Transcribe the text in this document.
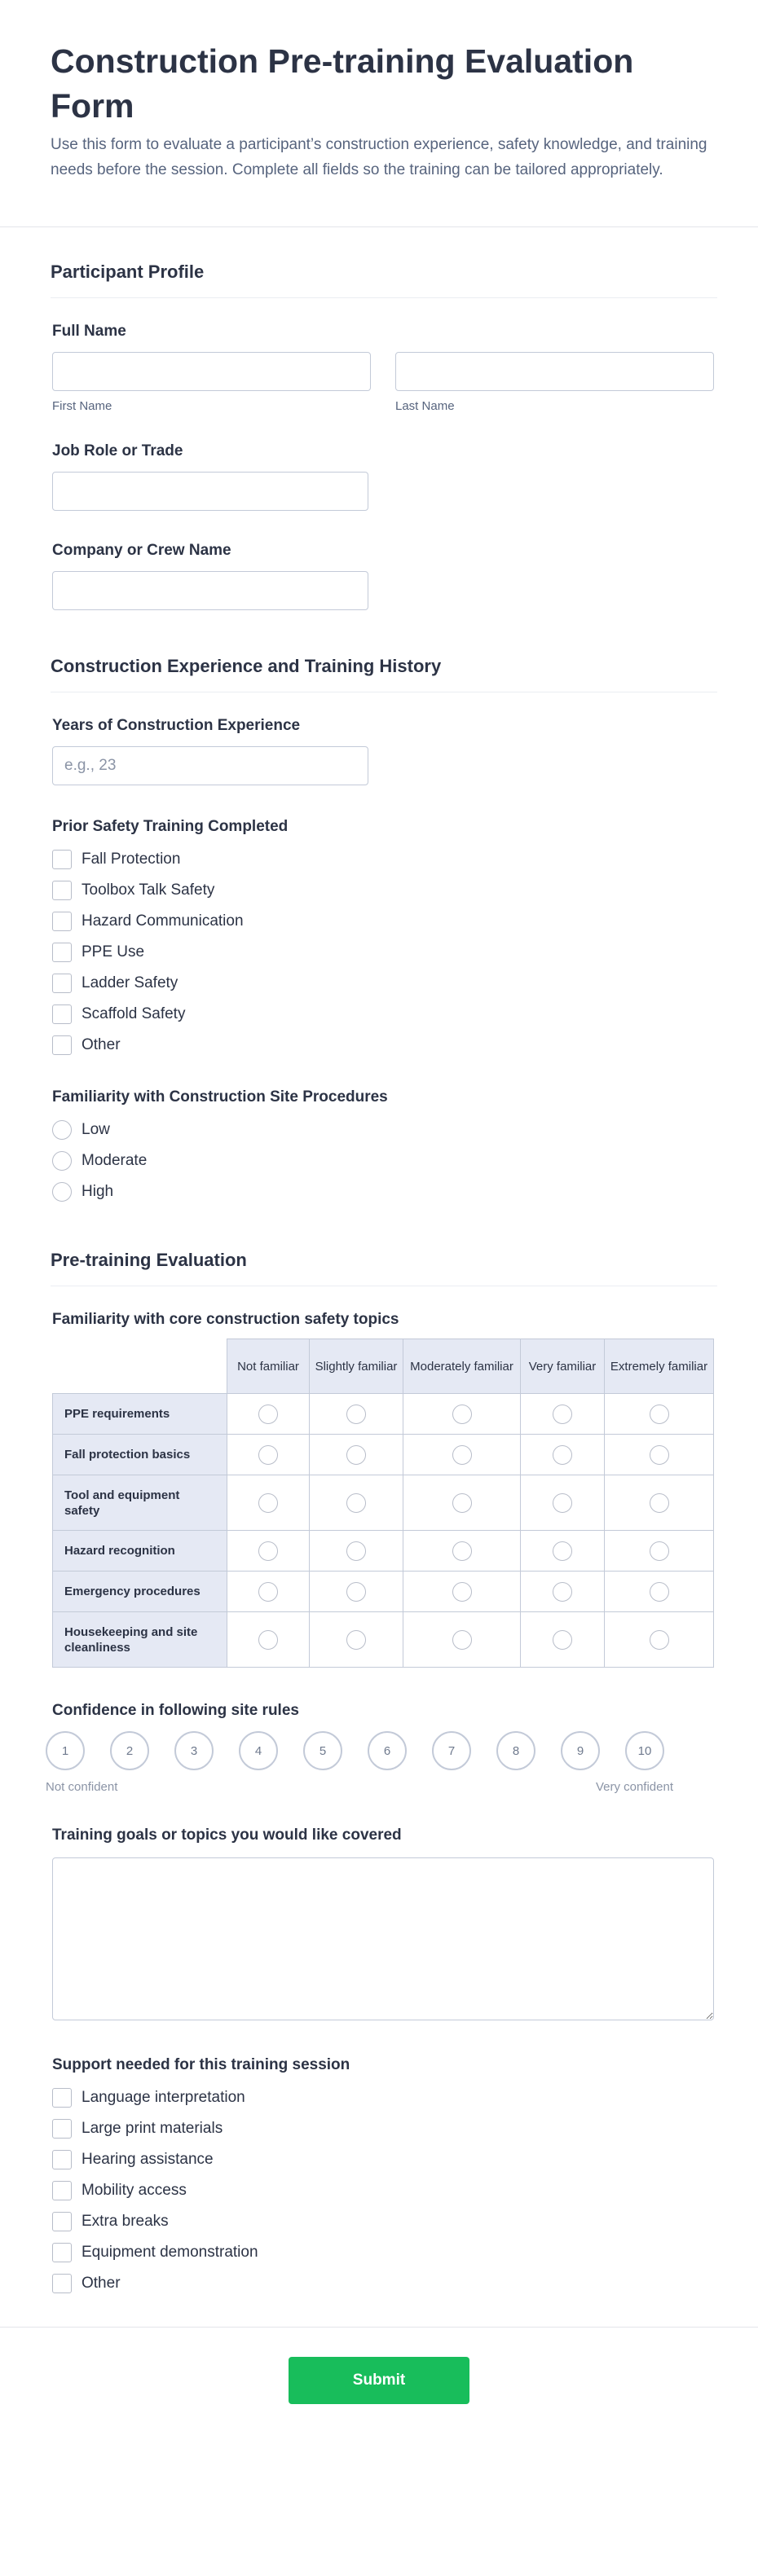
Construction Pre-training Evaluation Form

Use this form to evaluate a participant’s construction experience, safety knowledge, and training needs before the session. Complete all fields so the training can be tailored appropriately.

Participant Profile
Full Name
First Name	Last Name
Job Role or Trade
Company or Crew Name
Construction Experience and Training History
Years of Construction Experience
e.g., 23
Prior Safety Training Completed
Fall Protection
Toolbox Talk Safety
Hazard Communication
PPE Use
Ladder Safety
Scaffold Safety
Other
Familiarity with Construction Site Procedures
Low
Moderate
High
Pre-training Evaluation
Familiarity with core construction safety topics
	Not familiar	Slightly familiar	Moderately familiar	Very familiar	Extremely familiar
PPE requirements					
Fall protection basics					
Tool and equipment safety					
Hazard recognition					
Emergency procedures					
Housekeeping and site cleanliness					
Confidence in following site rules
1	2	3	4	5	6	7	8	9	10
Not confident	Very confident
Training goals or topics you would like covered
Support needed for this training session
Language interpretation
Large print materials
Hearing assistance
Mobility access
Extra breaks
Equipment demonstration
Other
Submit
